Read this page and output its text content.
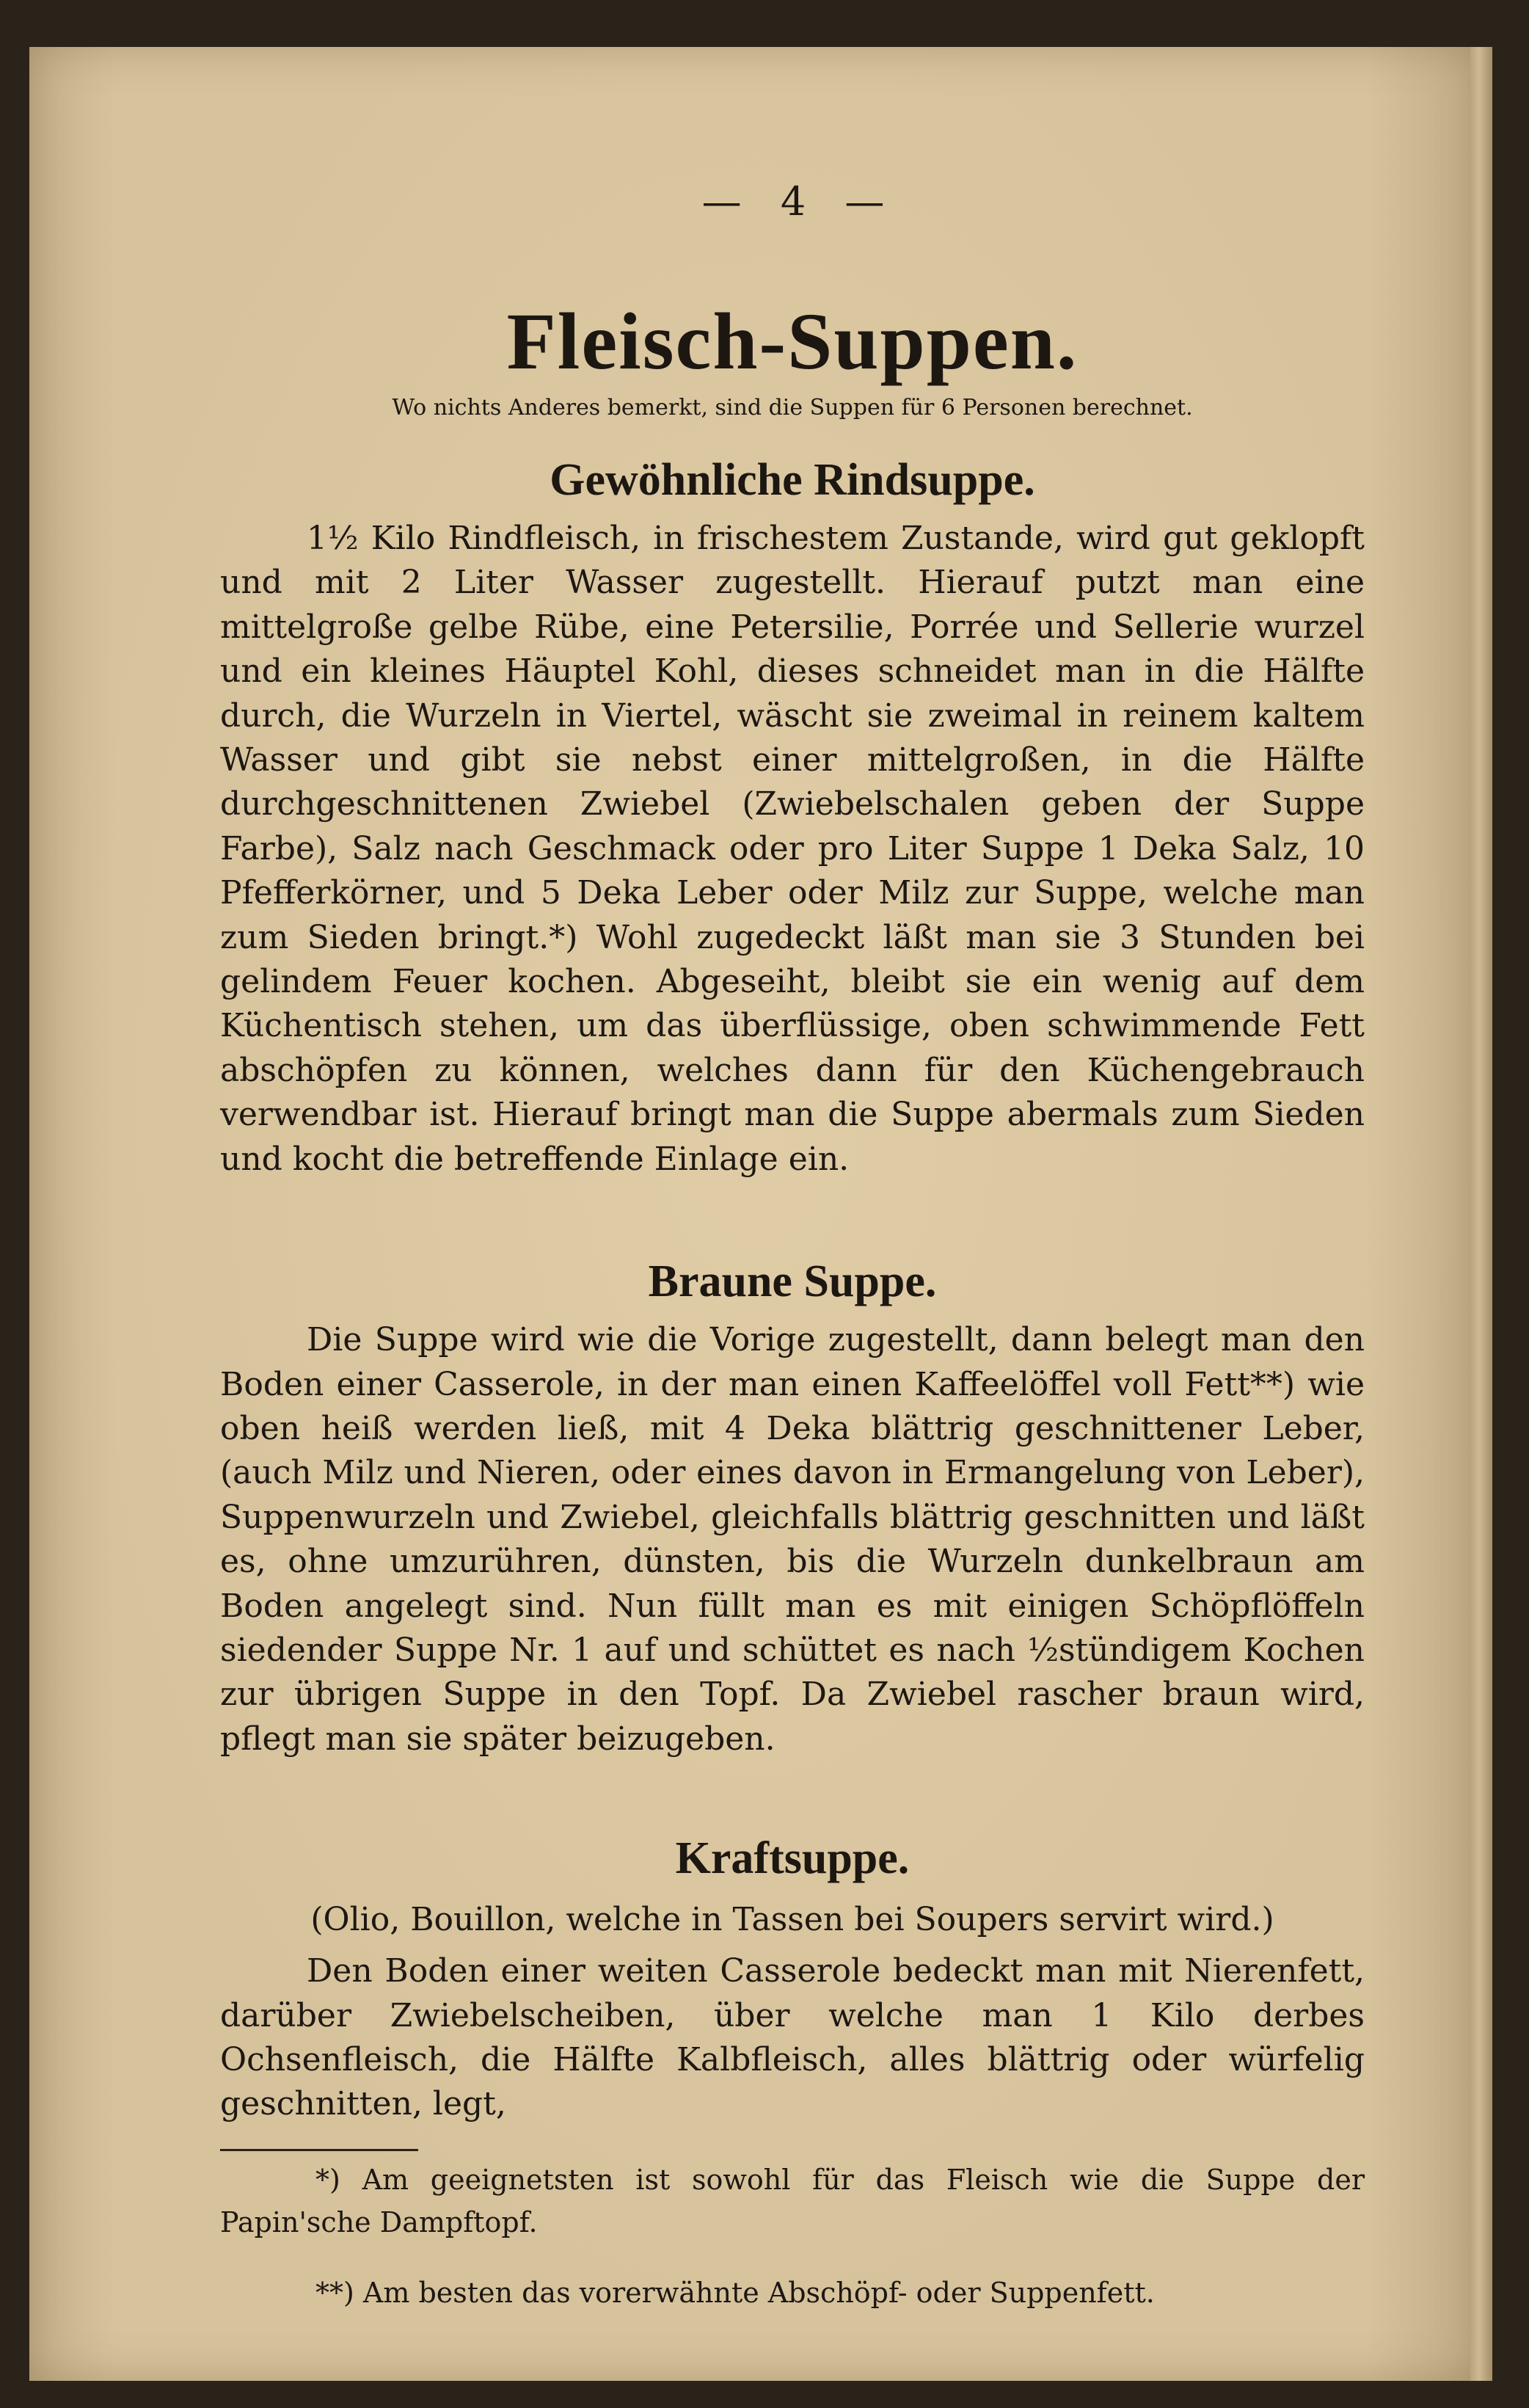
— 4 —
Fleisch-Suppen.
Wo nichts Anderes bemerkt, sind die Suppen für 6 Personen berechnet.
Gewöhnliche Rindsuppe.

1½ Kilo Rindfleisch, in frischestem Zustande, wird gut geklopft und mit 2 Liter Wasser zugestellt. Hierauf putzt man eine mittelgroße gelbe Rübe, eine Petersilie, Porrée und Sellerie wurzel und ein kleines Häuptel Kohl, dieses schneidet man in die Hälfte durch, die Wurzeln in Viertel, wäscht sie zweimal in reinem kaltem Wasser und gibt sie nebst einer mittelgroßen, in die Hälfte durchgeschnittenen Zwiebel (Zwiebelschalen geben der Suppe Farbe), Salz nach Geschmack oder pro Liter Suppe 1 Deka Salz, 10 Pfefferkörner, und 5 Deka Leber oder Milz zur Suppe, welche man zum Sieden bringt.*) Wohl zugedeckt läßt man sie 3 Stunden bei gelindem Feuer kochen. Abgeseiht, bleibt sie ein wenig auf dem Küchentisch stehen, um das überflüssige, oben schwimmende Fett abschöpfen zu können, welches dann für den Küchengebrauch verwendbar ist. Hierauf bringt man die Suppe abermals zum Sieden und kocht die betreffende Einlage ein.

Braune Suppe.

Die Suppe wird wie die Vorige zugestellt, dann belegt man den Boden einer Casserole, in der man einen Kaffeelöffel voll Fett**) wie oben heiß werden ließ, mit 4 Deka blättrig geschnittener Leber, (auch Milz und Nieren, oder eines davon in Ermangelung von Leber), Suppenwurzeln und Zwiebel, gleichfalls blättrig geschnitten und läßt es, ohne umzurühren, dünsten, bis die Wurzeln dunkelbraun am Boden angelegt sind. Nun füllt man es mit einigen Schöpflöffeln siedender Suppe Nr. 1 auf und schüttet es nach ½stündigem Kochen zur übrigen Suppe in den Topf. Da Zwiebel rascher braun wird, pflegt man sie später beizugeben.

Kraftsuppe.
(Olio, Bouillon, welche in Tassen bei Soupers servirt wird.)

Den Boden einer weiten Casserole bedeckt man mit Nierenfett, darüber Zwiebelscheiben, über welche man 1 Kilo derbes Ochsenfleisch, die Hälfte Kalbfleisch, alles blättrig oder würfelig geschnitten, legt,

*) Am geeignetsten ist sowohl für das Fleisch wie die Suppe der Papin'sche Dampftopf.

**) Am besten das vorerwähnte Abschöpf- oder Suppenfett.
